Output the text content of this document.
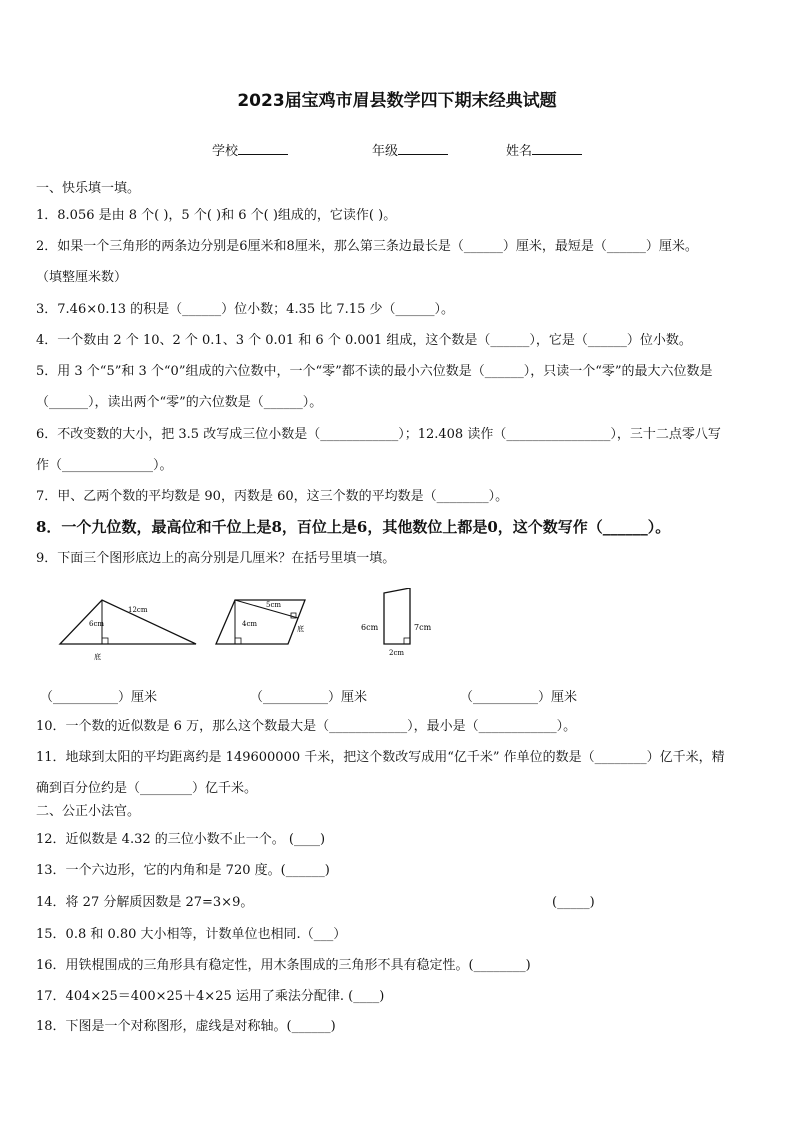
2023届宝鸡市眉县数学四下期末经典试题
学校	年级	姓名
一、快乐填一填。
1．8.056 是由 8 个( )，5 个( )和 6 个( )组成的，它读作( )。
2．如果一个三角形的两条边分别是6厘米和8厘米，那么第三条边最长是（______）厘米，最短是（______）厘米。
（填整厘米数）
3．7.46×0.13 的积是（______）位小数；4.35 比 7.15 少（______）。
4．一个数由 2 个 10、2 个 0.1、3 个 0.01 和 6 个 0.001 组成，这个数是（______），它是（______）位小数。
5．用 3 个“5”和 3 个“0”组成的六位数中，一个“零”都不读的最小六位数是（______），只读一个“零”的最大六位数是
（______），读出两个“零”的六位数是（______）。
6．不改变数的大小，把 3.5 改写成三位小数是（____________）；12.408 读作（________________），三十二点零八写
作（______________）。
7．甲、乙两个数的平均数是 90，丙数是 60，这三个数的平均数是（________）。
8．一个九位数，最高位和千位上是8，百位上是6，其他数位上都是0，这个数写作（______）。
9．下面三个图形底边上的高分别是几厘米？在括号里填一填。
12cm
6cm
底
5cm
4cm
底	6cm	7cm
2cm
（__________）厘米	（__________）厘米	（__________）厘米
10．一个数的近似数是 6 万，那么这个数最大是（____________），最小是（____________）。
11．地球到太阳的平均距离约是 149600000 千米，把这个数改写成用“亿千米” 作单位的数是（________）亿千米，精
确到百分位约是（________）亿千米。
二、公正小法官。
12．近似数是 4.32 的三位小数不止一个。 (____)
13．一个六边形，它的内角和是 720 度。(______)
14．将 27 分解质因数是 27=3×9。	(_____)
15．0.8 和 0.80 大小相等，计数单位也相同.（___）
16．用铁棍围成的三角形具有稳定性，用木条围成的三角形不具有稳定性。(________)
17．404×25＝400×25＋4×25 运用了乘法分配律. (____)
18．下图是一个对称图形，虚线是对称轴。(______)
